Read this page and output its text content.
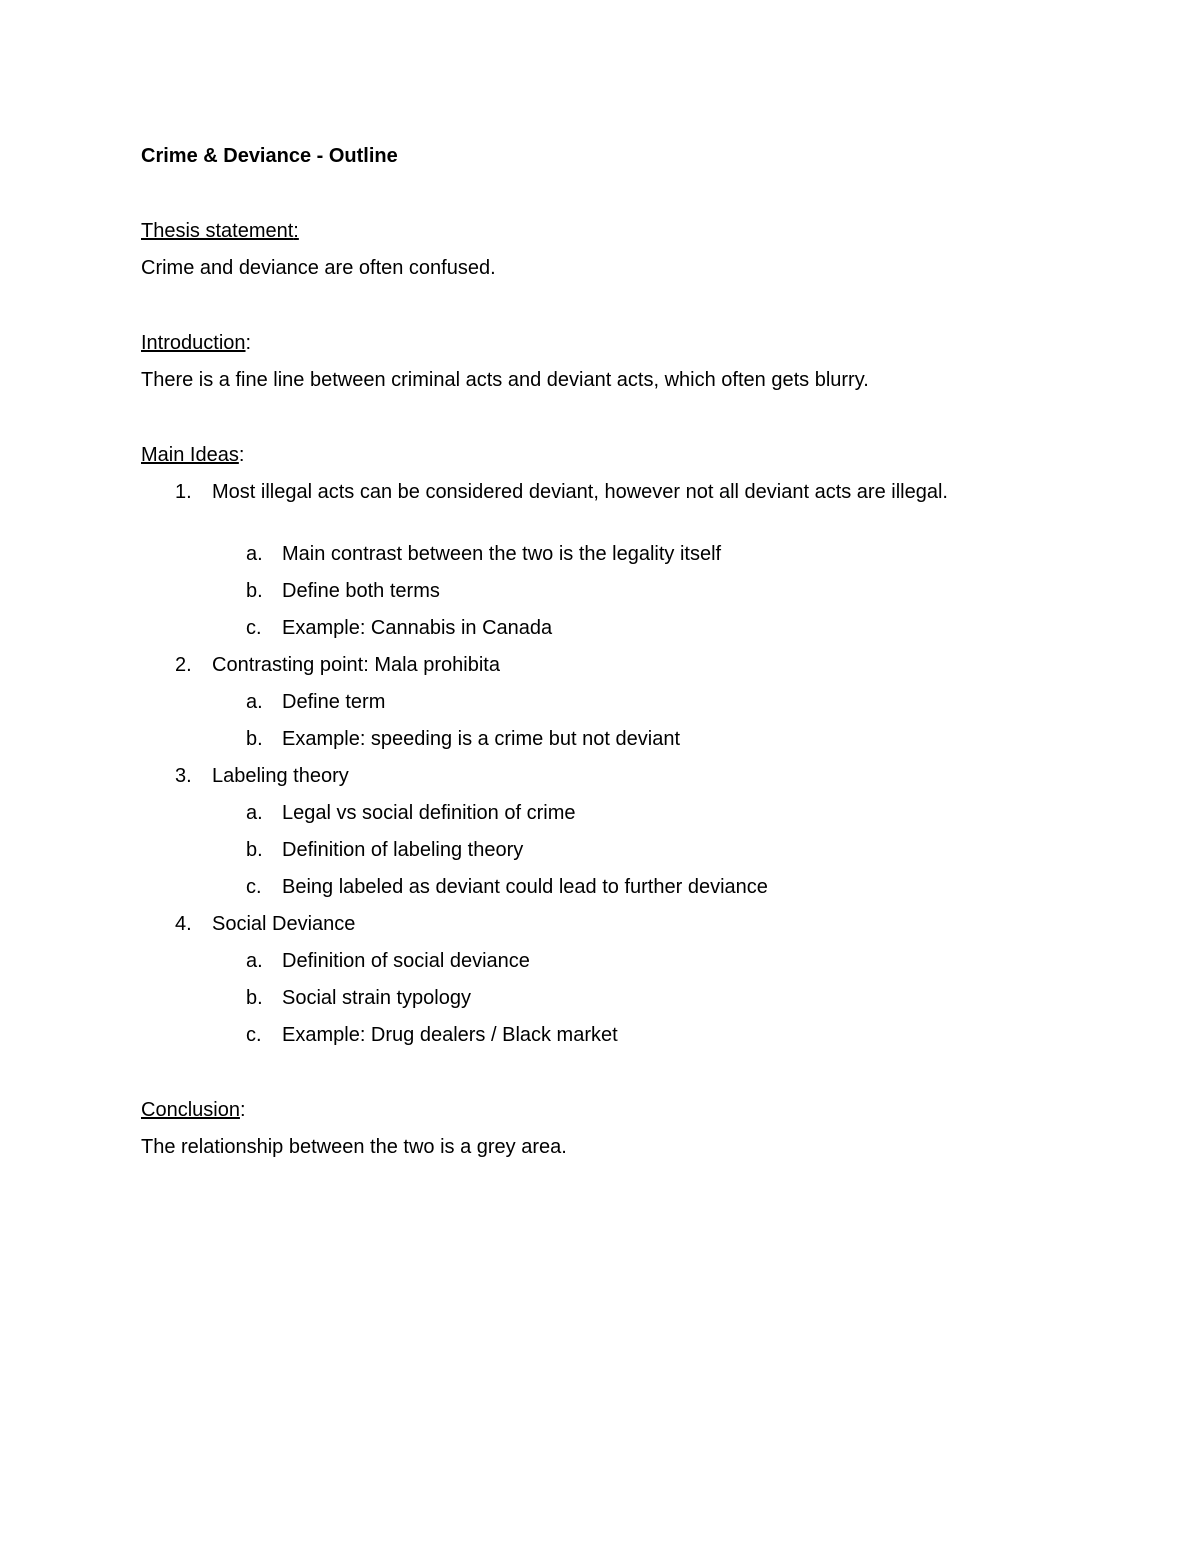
Crime & Deviance - Outline
Thesis statement:
Crime and deviance are often confused.
Introduction:
There is a fine line between criminal acts and deviant acts, which often gets blurry.
Main Ideas:
1.	Most illegal acts can be considered deviant, however not all deviant acts are illegal.
a. Main contrast between the two is the legality itself
b. Define both terms
c.	Example: Cannabis in Canada
2.	Contrasting point: Mala prohibita
a. Define term
b. Example: speeding is a crime but not deviant
3.	Labeling theory
a. Legal vs social definition of crime
b. Definition of labeling theory
c.	Being labeled as deviant could lead to further deviance
4.	Social Deviance
a. Definition of social deviance
b. Social strain typology
c.	Example: Drug dealers / Black market
Conclusion:
The relationship between the two is a grey area.
